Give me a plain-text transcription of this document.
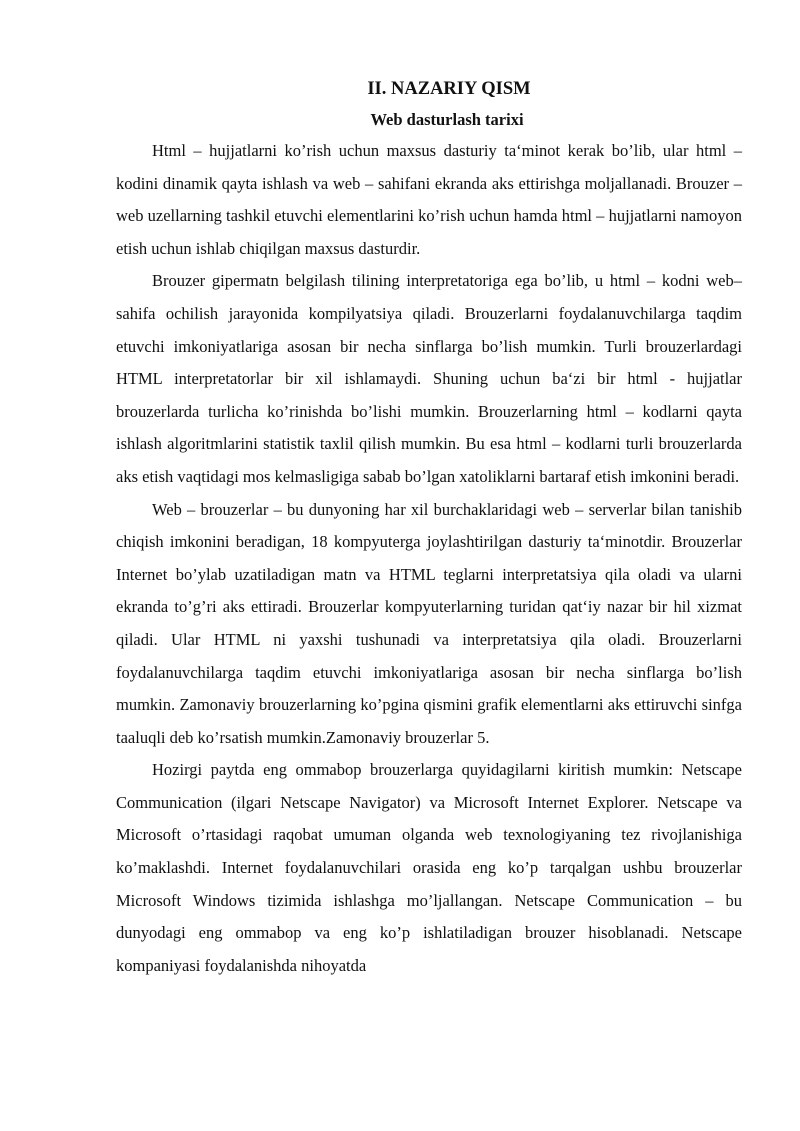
II. NAZARIY QISM
Web dasturlash tarixi

Html – hujjatlarni ko’rish uchun maxsus dasturiy ta‘minot kerak bo’lib, ular html – kodini dinamik qayta ishlash va web – sahifani ekranda aks ettirishga moljallanadi. Brouzer – web uzellarning tashkil etuvchi elementlarini ko’rish uchun hamda html – hujjatlarni namoyon etish uchun ishlab chiqilgan maxsus dasturdir.

Brouzer gipermatn belgilash tilining interpretatoriga ega bo’lib, u html – kodni web–sahifa ochilish jarayonida kompilyatsiya qiladi. Brouzerlarni foydalanuvchilarga taqdim etuvchi imkoniyatlariga asosan bir necha sinflarga bo’lish mumkin. Turli brouzerlardagi HTML interpretatorlar bir xil ishlamaydi. Shuning uchun ba‘zi bir html - hujjatlar brouzerlarda turlicha ko’rinishda bo’lishi mumkin. Brouzerlarning html – kodlarni qayta ishlash algoritmlarini statistik taxlil qilish mumkin. Bu esa html – kodlarni turli brouzerlarda aks etish vaqtidagi mos kelmasligiga sabab bo’lgan xatoliklarni bartaraf etish imkonini beradi.

Web – brouzerlar – bu dunyoning har xil burchaklaridagi web – serverlar bilan tanishib chiqish imkonini beradigan, 18 kompyuterga joylashtirilgan dasturiy ta‘minotdir. Brouzerlar Internet bo’ylab uzatiladigan matn va HTML teglarni interpretatsiya qila oladi va ularni ekranda to’g’ri aks ettiradi. Brouzerlar kompyuterlarning turidan qat‘iy nazar bir hil xizmat qiladi. Ular HTML ni yaxshi tushunadi va interpretatsiya qila oladi. Brouzerlarni foydalanuvchilarga taqdim etuvchi imkoniyatlariga asosan bir necha sinflarga bo’lish mumkin. Zamonaviy brouzerlarning ko’pgina qismini grafik elementlarni aks ettiruvchi sinfga taaluqli deb ko’rsatish mumkin.Zamonaviy brouzerlar 5.

Hozirgi paytda eng ommabop brouzerlarga quyidagilarni kiritish mumkin: Netscape Communication (ilgari Netscape Navigator) va Microsoft Internet Explorer. Netscape va Microsoft o’rtasidagi raqobat umuman olganda web texnologiyaning tez rivojlanishiga ko’maklashdi. Internet foydalanuvchilari orasida eng ko’p tarqalgan ushbu brouzerlar Microsoft Windows tizimida ishlashga mo’ljallangan. Netscape Communication – bu dunyodagi eng ommabop va eng ko’p ishlatiladigan brouzer hisoblanadi. Netscape kompaniyasi foydalanishda nihoyatda
